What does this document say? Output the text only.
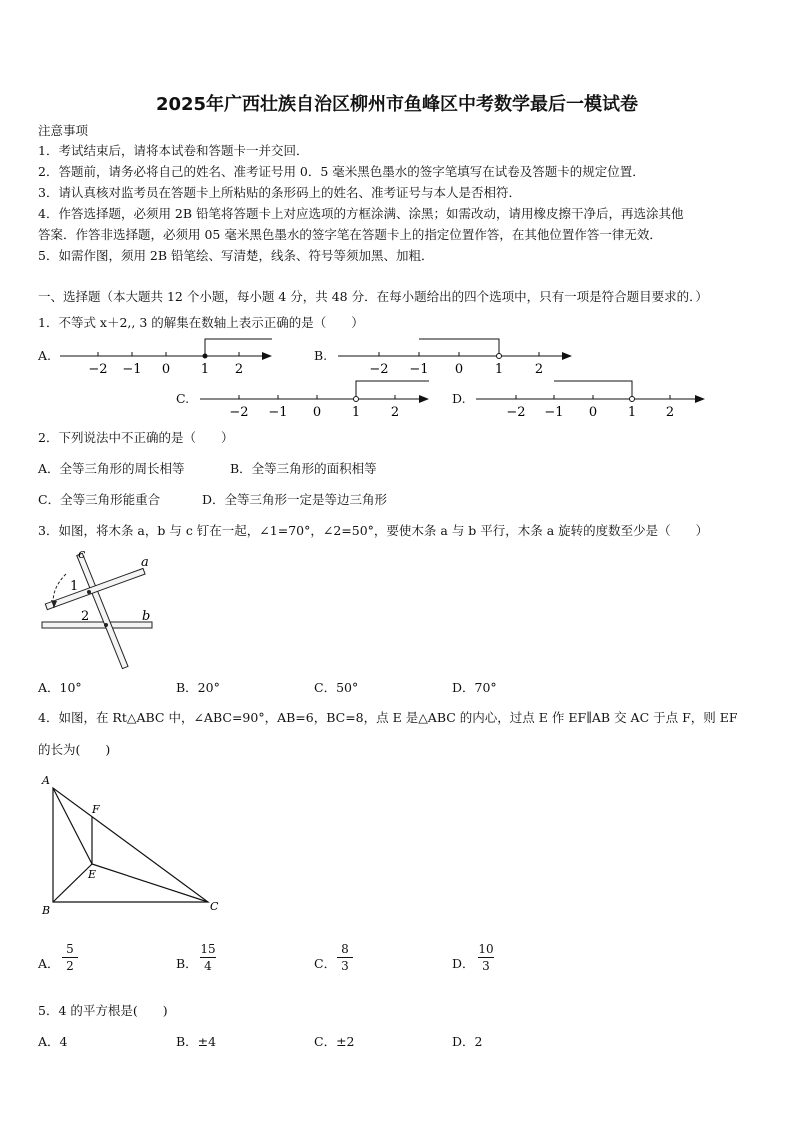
2025年广西壮族自治区柳州市鱼峰区中考数学最后一模试卷
注意事项
1．考试结束后，请将本试卷和答题卡一并交回．
2．答题前，请务必将自己的姓名、准考证号用 0．5 毫米黑色墨水的签字笔填写在试卷及答题卡的规定位置．
3．请认真核对监考员在答题卡上所粘贴的条形码上的姓名、准考证号与本人是否相符．
4．作答选择题，必须用 2B 铅笔将答题卡上对应选项的方框涂满、涂黑；如需改动，请用橡皮擦干净后，再选涂其他
答案．作答非选择题，必须用 05 毫米黑色墨水的签字笔在答题卡上的指定位置作答，在其他位置作答一律无效．
5．如需作图，须用 2B 铅笔绘、写清楚，线条、符号等须加黑、加粗．
一、选择题（本大题共 12 个小题，每小题 4 分，共 48 分．在每小题给出的四个选项中，只有一项是符合题目要求的．）
1．不等式 x＋2,, 3 的解集在数轴上表示正确的是（　　）
A.
−2 −1 0 1 2
B.
−2 −1 0 1 2
C.
−2 −1 0 1 2
D.
−2 −1 0 1 2
2．下列说法中不正确的是（　　）
A．全等三角形的周长相等	B．全等三角形的面积相等
C．全等三角形能重合	D．全等三角形一定是等边三角形
3．如图，将木条 a，b 与 c 钉在一起，∠1=70°，∠2=50°，要使木条 a 与 b 平行，木条 a 旋转的度数至少是（　　）
c
a
b
1
2
A．10°	B．20°	C．50°	D．70°
4．如图，在 Rt△ABC 中，∠ABC=90°，AB=6，BC=8，点 E 是△ABC 的内心，过点 E 作 EF∥AB 交 AC 于点 F，则 EF
的长为(　　)
A
B	C
E
F
A．
5
2	B．
15
4	C．
8
3	D．
10
3
5．4 的平方根是(　　)
A．4	B．±4	C．±2	D．2
